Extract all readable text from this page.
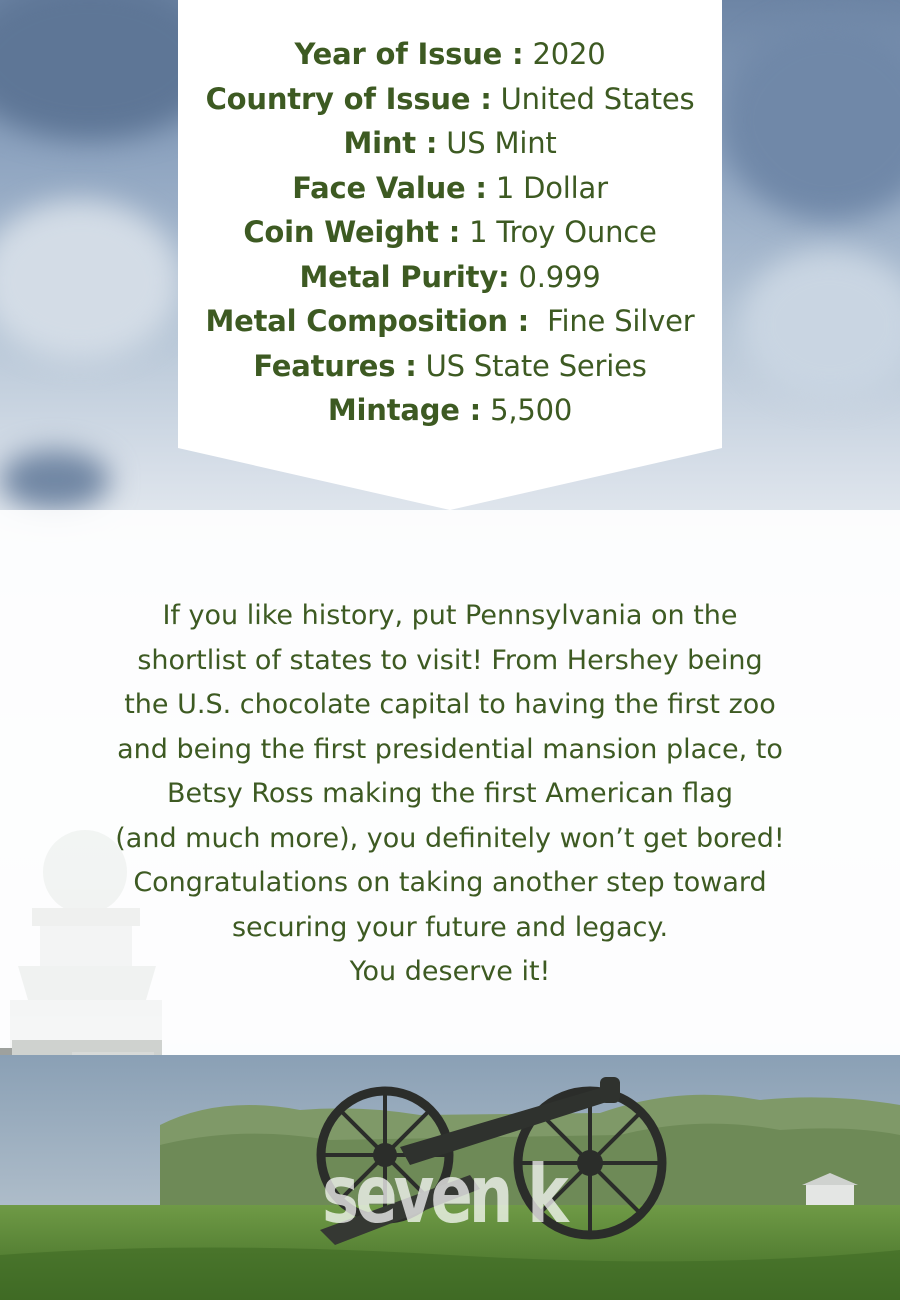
Year of Issue : 2020
Country of Issue : United States
Mint : US Mint
Face Value : 1 Dollar
Coin Weight : 1 Troy Ounce
Metal Purity: 0.999
Metal Composition :  Fine Silver
Features : US State Series
Mintage : 5,500
seven k

If you like history, put Pennsylvania on the
shortlist of states to visit! From Hershey being
the U.S. chocolate capital to having the first zoo
and being the first presidential mansion place, to
Betsy Ross making the first American flag
(and much more), you definitely won’t get bored!
Congratulations on taking another step toward
securing your future and legacy.
You deserve it!
